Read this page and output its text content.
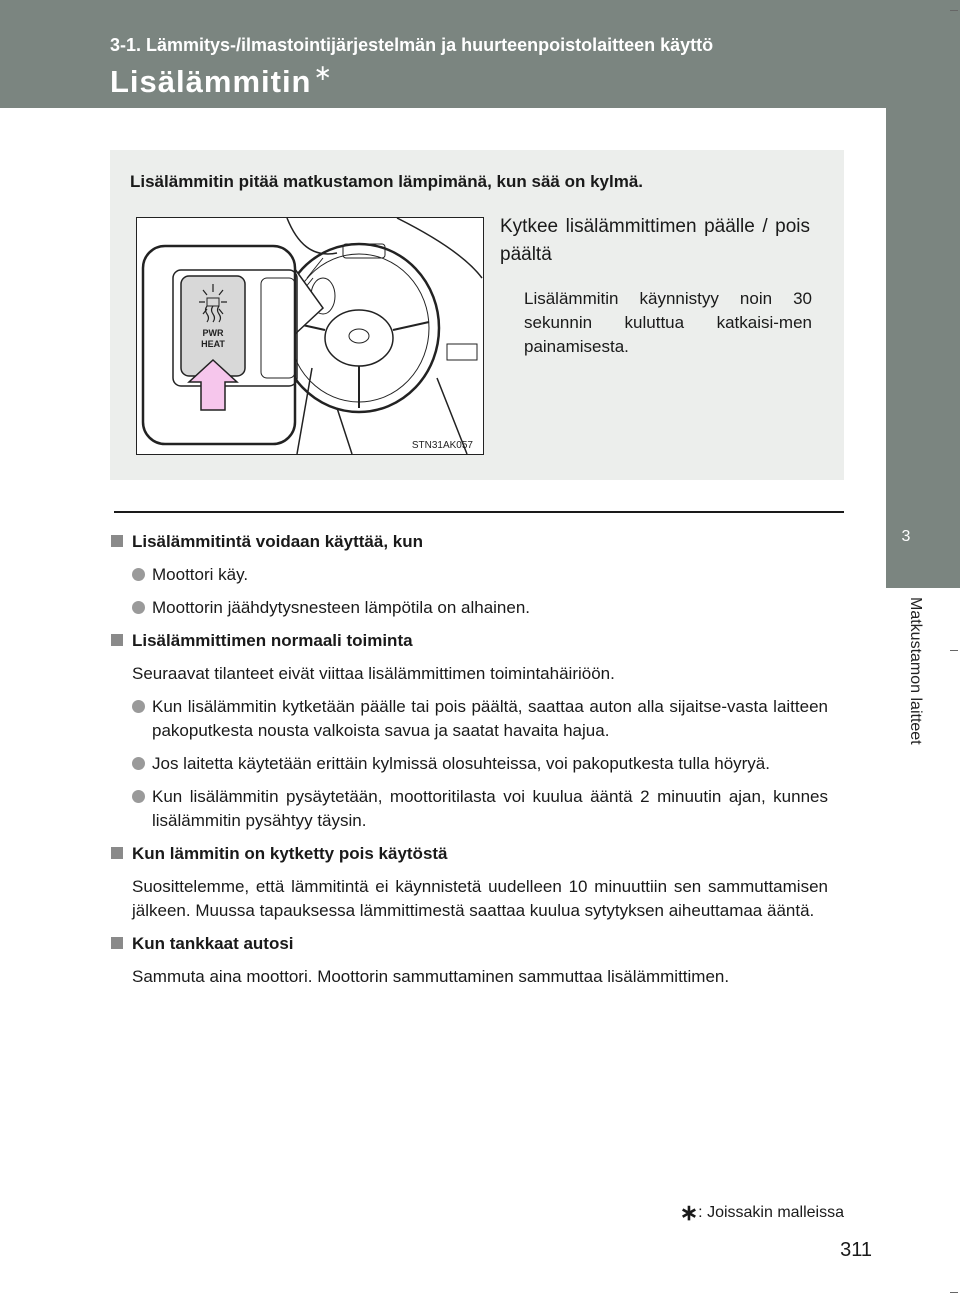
3-1. Lämmitys-/ilmastointijärjestelmän ja huurteenpoistolaitteen käyttö
Lisälämmitin∗
3
Matkustamon laitteet
Lisälämmitin pitää matkustamon lämpimänä, kun sää on kylmä.
PWR
HEAT
STN31AK057
Kytkee lisälämmittimen päälle / pois päältä
Lisälämmitin käynnistyy noin 30 sekunnin kuluttua katkaisi-men painamisesta.
Lisälämmitintä voidaan käyttää, kun
Moottori käy.
Moottorin jäähdytysnesteen lämpötila on alhainen.
Lisälämmittimen normaali toiminta
Seuraavat tilanteet eivät viittaa lisälämmittimen toimintahäiriöön.
Kun lisälämmitin kytketään päälle tai pois päältä, saattaa auton alla sijaitse-vasta laitteen pakoputkesta nousta valkoista savua ja saatat havaita hajua.
Jos laitetta käytetään erittäin kylmissä olosuhteissa, voi pakoputkesta tulla höyryä.
Kun lisälämmitin pysäytetään, moottoritilasta voi kuulua ääntä 2 minuutin ajan, kunnes lisälämmitin pysähtyy täysin.
Kun lämmitin on kytketty pois käytöstä
Suosittelemme, että lämmitintä ei käynnistetä uudelleen 10 minuuttiin sen sammuttamisen jälkeen. Muussa tapauksessa lämmittimestä saattaa kuulua sytytyksen aiheuttamaa ääntä.
Kun tankkaat autosi
Sammuta aina moottori. Moottorin sammuttaminen sammuttaa lisälämmittimen.
∗: Joissakin malleissa
311
